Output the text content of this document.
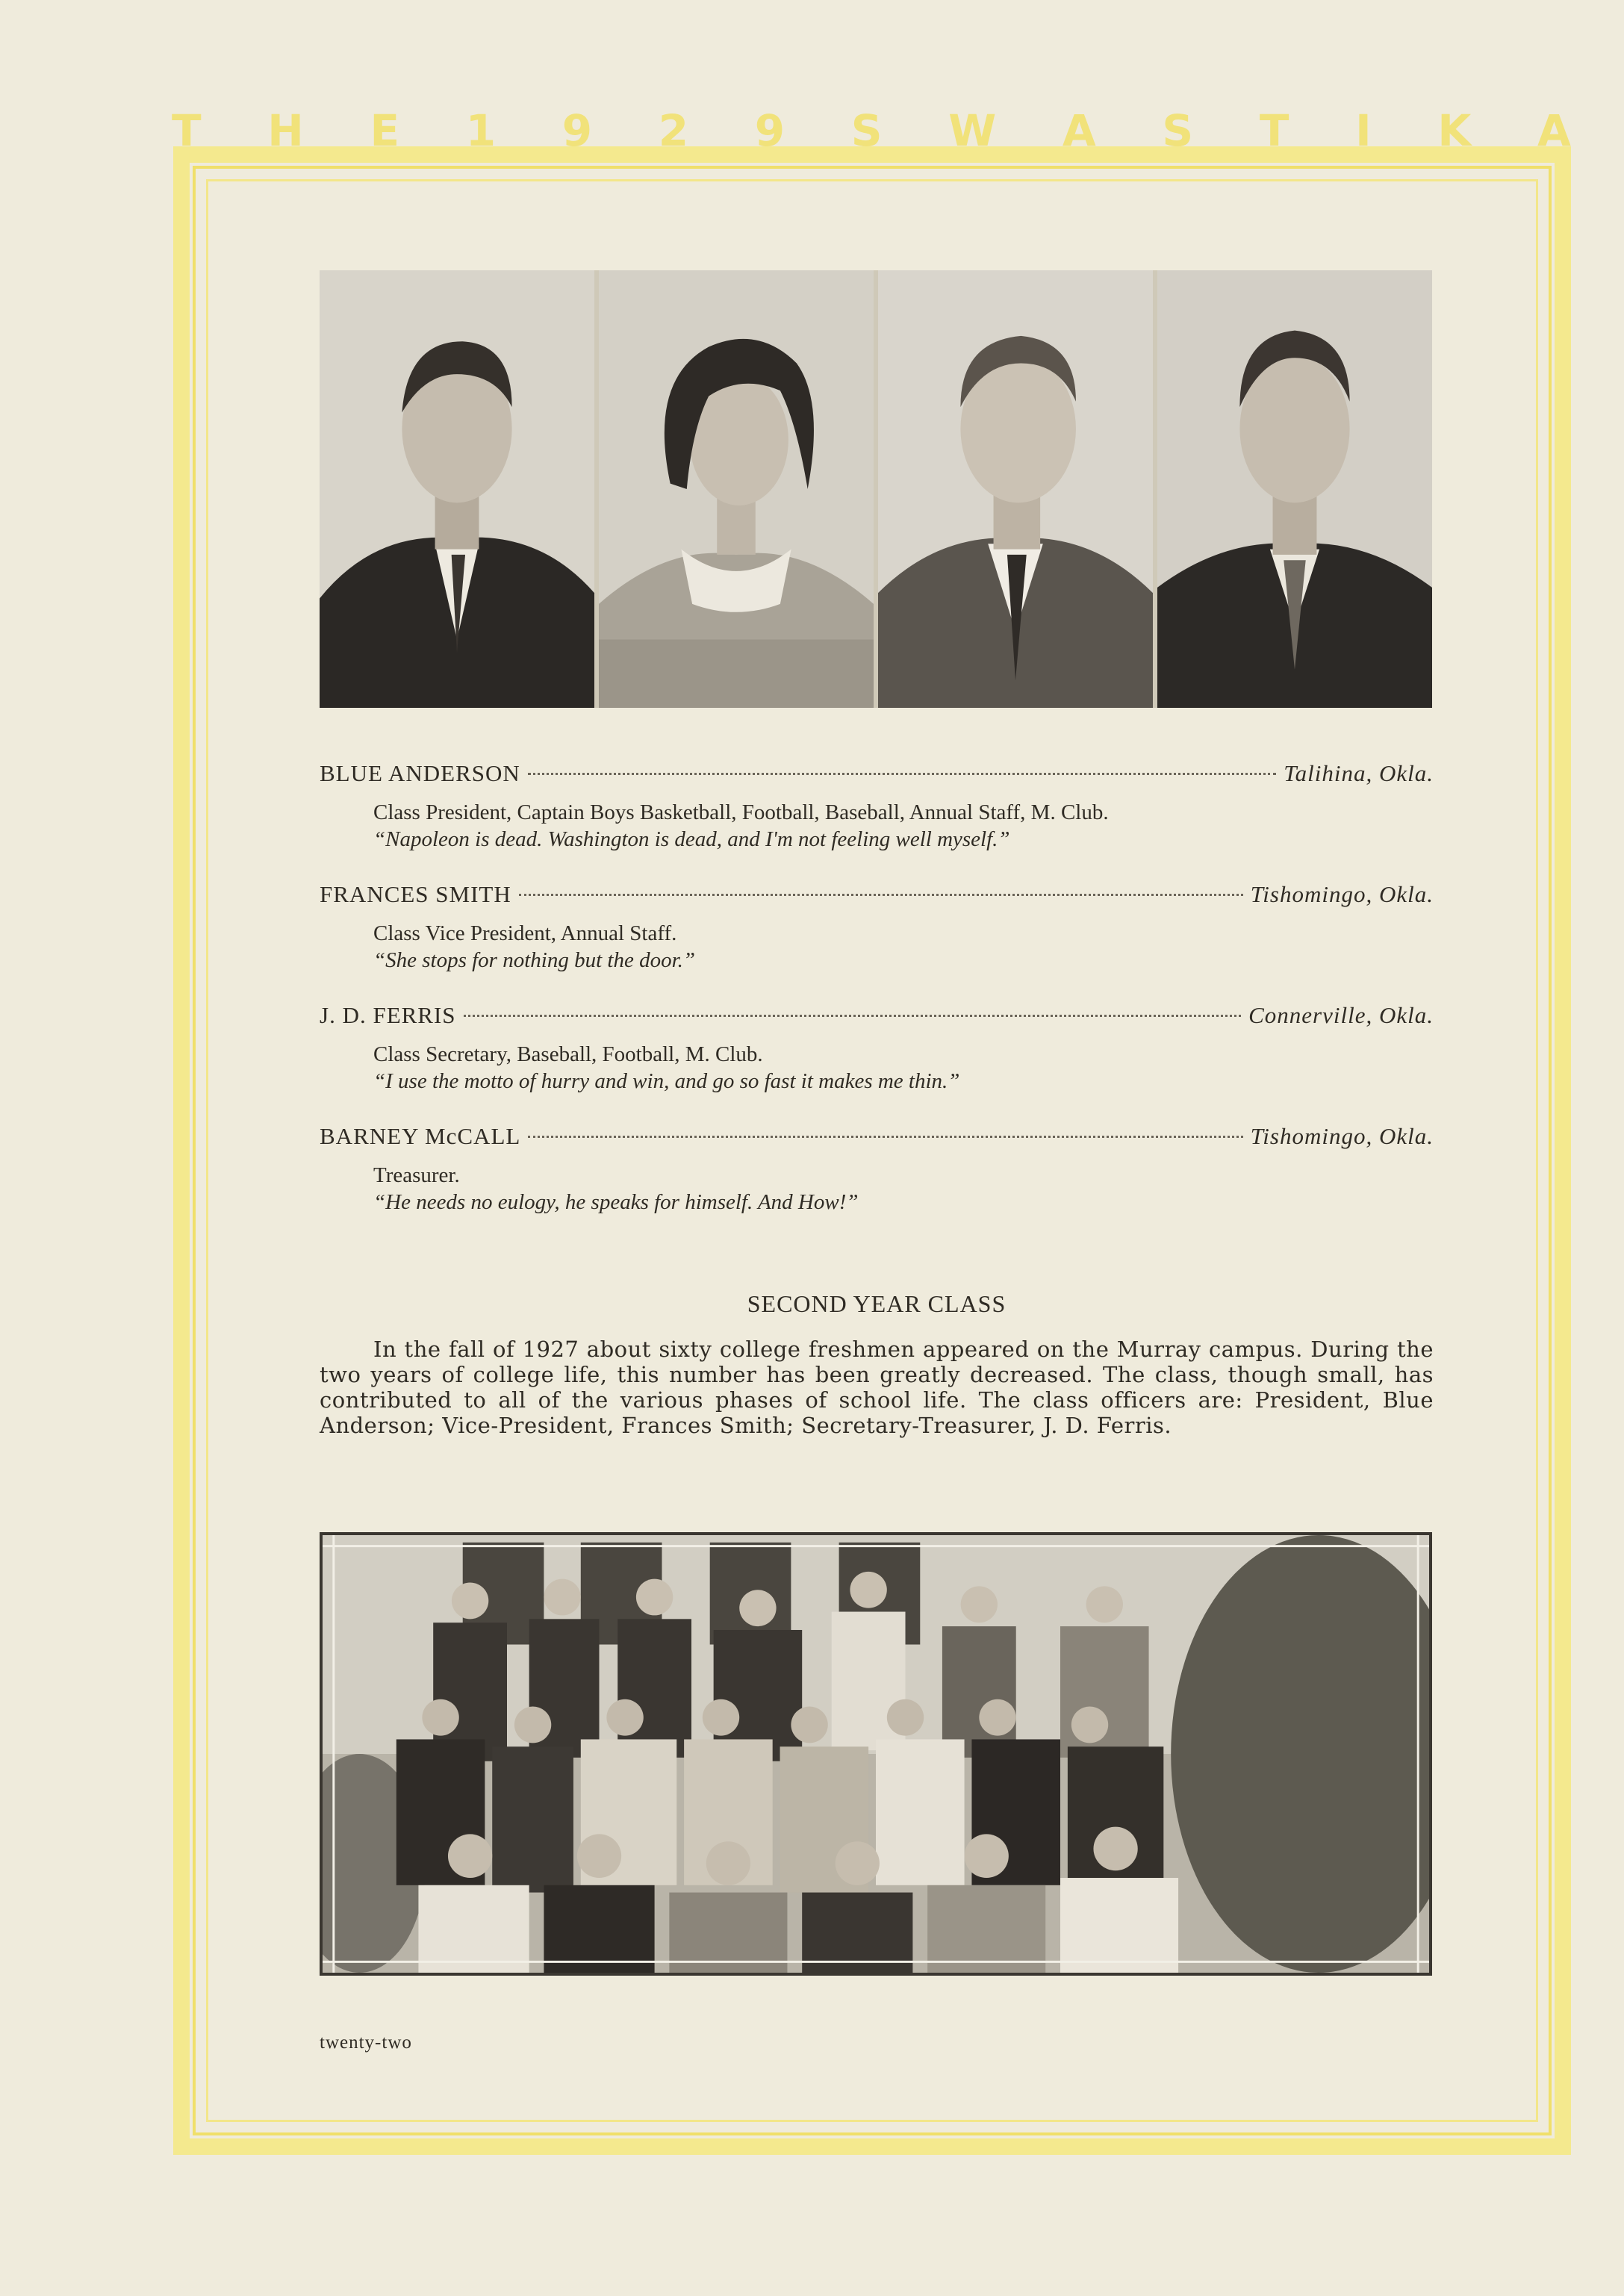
T H E 1 9 2 9 S W A S T I K A
BLUE ANDERSON	Talihina, Okla.
Class President, Captain Boys Basketball, Football, Baseball, Annual Staff, M. Club.
“Napoleon is dead. Washington is dead, and I'm not feeling well myself.”
FRANCES SMITH	Tishomingo, Okla.
Class Vice President, Annual Staff.
“She stops for nothing but the door.”
J. D. FERRIS	Connerville, Okla.
Class Secretary, Baseball, Football, M. Club.
“I use the motto of hurry and win, and go so fast it makes me thin.”
BARNEY McCALL	Tishomingo, Okla.
Treasurer.
“He needs no eulogy, he speaks for himself. And How!”
SECOND YEAR CLASS
In the fall of 1927 about sixty college freshmen appeared on the Murray campus. During the two years of college life, this number has been greatly decreased. The class, though small, has contributed to all of the various phases of school life. The class officers are: President, Blue Anderson; Vice-President, Frances Smith; Secretary-Treasurer, J. D. Ferris.
twenty-two
